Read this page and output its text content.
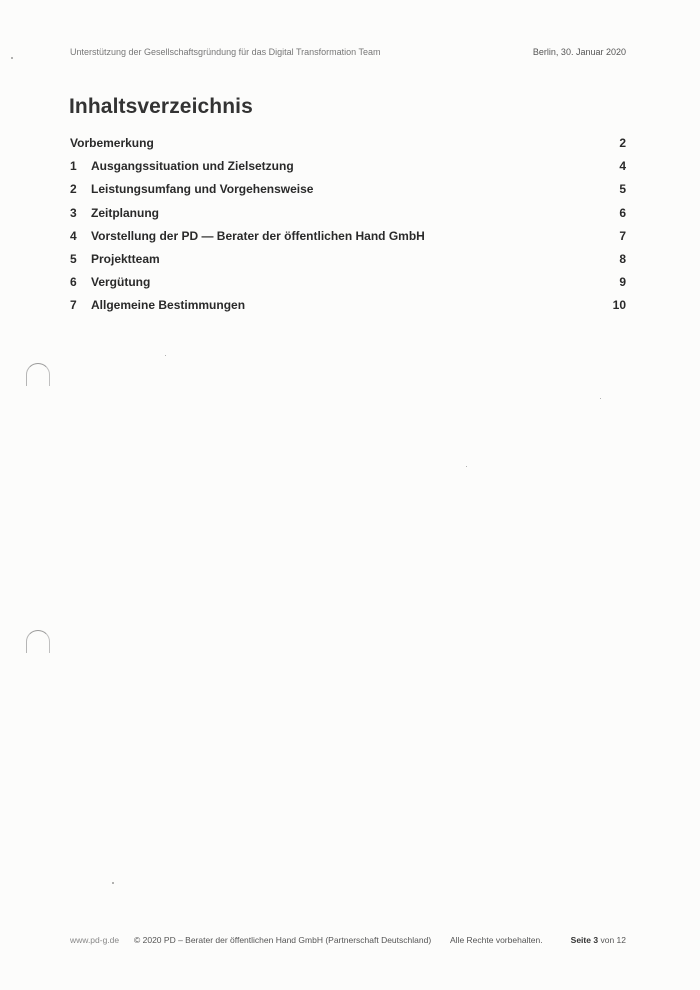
Unterstützung der Gesellschaftsgründung für das Digital Transformation Team	Berlin, 30. Januar 2020
Inhaltsverzeichnis
Vorbemerkung	2
1 Ausgangssituation und Zielsetzung	4
2 Leistungsumfang und Vorgehensweise	5
3 Zeitplanung	6
4 Vorstellung der PD — Berater der öffentlichen Hand GmbH	7
5 Projektteam	8
6 Vergütung	9
7 Allgemeine Bestimmungen	10
www.pd-g.de © 2020 PD – Berater der öffentlichen Hand GmbH (Partnerschaft Deutschland) Alle Rechte vorbehalten.	Seite 3 von 12
